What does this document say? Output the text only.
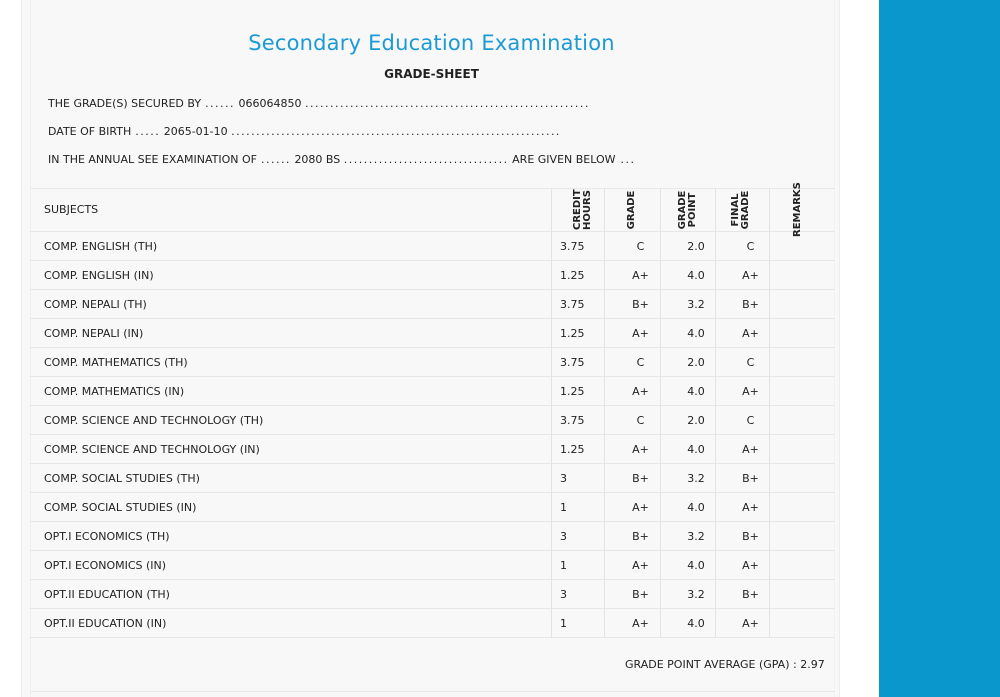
Secondary Education Examination
GRADE-SHEET
THE GRADE(S) SECURED BY ...... 066064850 .........................................................
DATE OF BIRTH ..... 2065-01-10 ..................................................................
IN THE ANNUAL SEE EXAMINATION OF ...... 2080 BS ................................. ARE GIVEN BELOW ...
SUBJECTS	CREDIT HOURS	GRADE	GRADE POINT	FINAL GRADE	REMARKS
COMP. ENGLISH (TH)	3.75	C	2.0	C
COMP. ENGLISH (IN)	1.25	A+	4.0	A+
COMP. NEPALI (TH)	3.75	B+	3.2	B+
COMP. NEPALI (IN)	1.25	A+	4.0	A+
COMP. MATHEMATICS (TH)	3.75	C	2.0	C
COMP. MATHEMATICS (IN)	1.25	A+	4.0	A+
COMP. SCIENCE AND TECHNOLOGY (TH)	3.75	C	2.0	C
COMP. SCIENCE AND TECHNOLOGY (IN)	1.25	A+	4.0	A+
COMP. SOCIAL STUDIES (TH)	3	B+	3.2	B+
COMP. SOCIAL STUDIES (IN)	1	A+	4.0	A+
OPT.I ECONOMICS (TH)	3	B+	3.2	B+
OPT.I ECONOMICS (IN)	1	A+	4.0	A+
OPT.II EDUCATION (TH)	3	B+	3.2	B+
OPT.II EDUCATION (IN)	1	A+	4.0	A+
GRADE POINT AVERAGE (GPA) : 2.97
